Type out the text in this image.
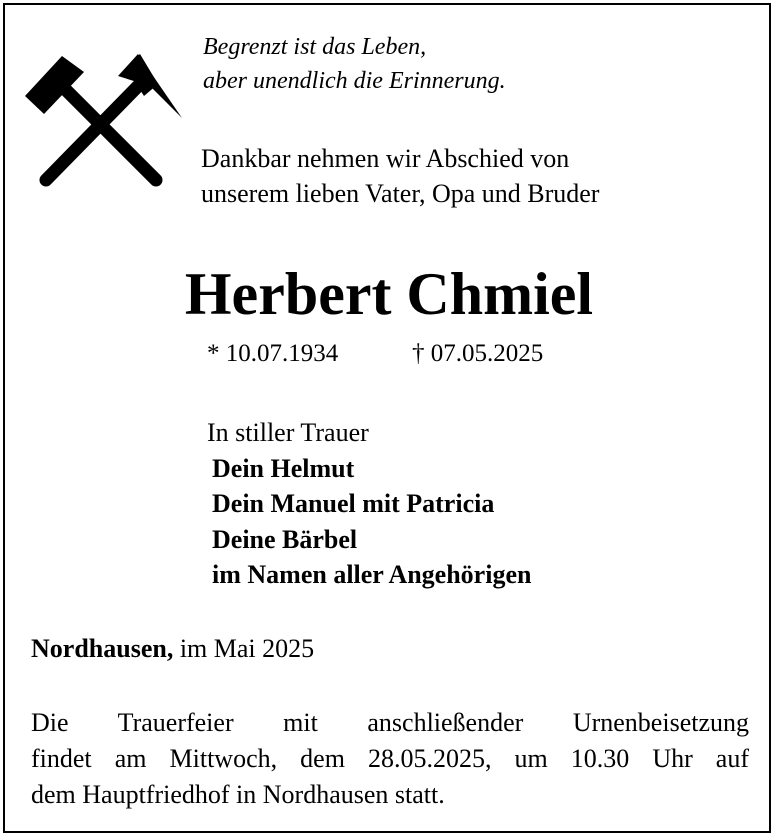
Begrenzt ist das Leben,
aber unendlich die Erinnerung.
Dankbar nehmen wir Abschied von
unserem lieben Vater, Opa und Bruder
Herbert Chmiel
* 10.07.1934	† 07.05.2025
In stiller Trauer
Dein Helmut
Dein Manuel mit Patricia
Deine Bärbel
im Namen aller Angehörigen
Nordhausen, im Mai 2025
Die Trauerfeier mit anschließender Urnenbeisetzung
findet am Mittwoch, dem 28.05.2025, um 10.30 Uhr auf
dem Hauptfriedhof in Nordhausen statt.
